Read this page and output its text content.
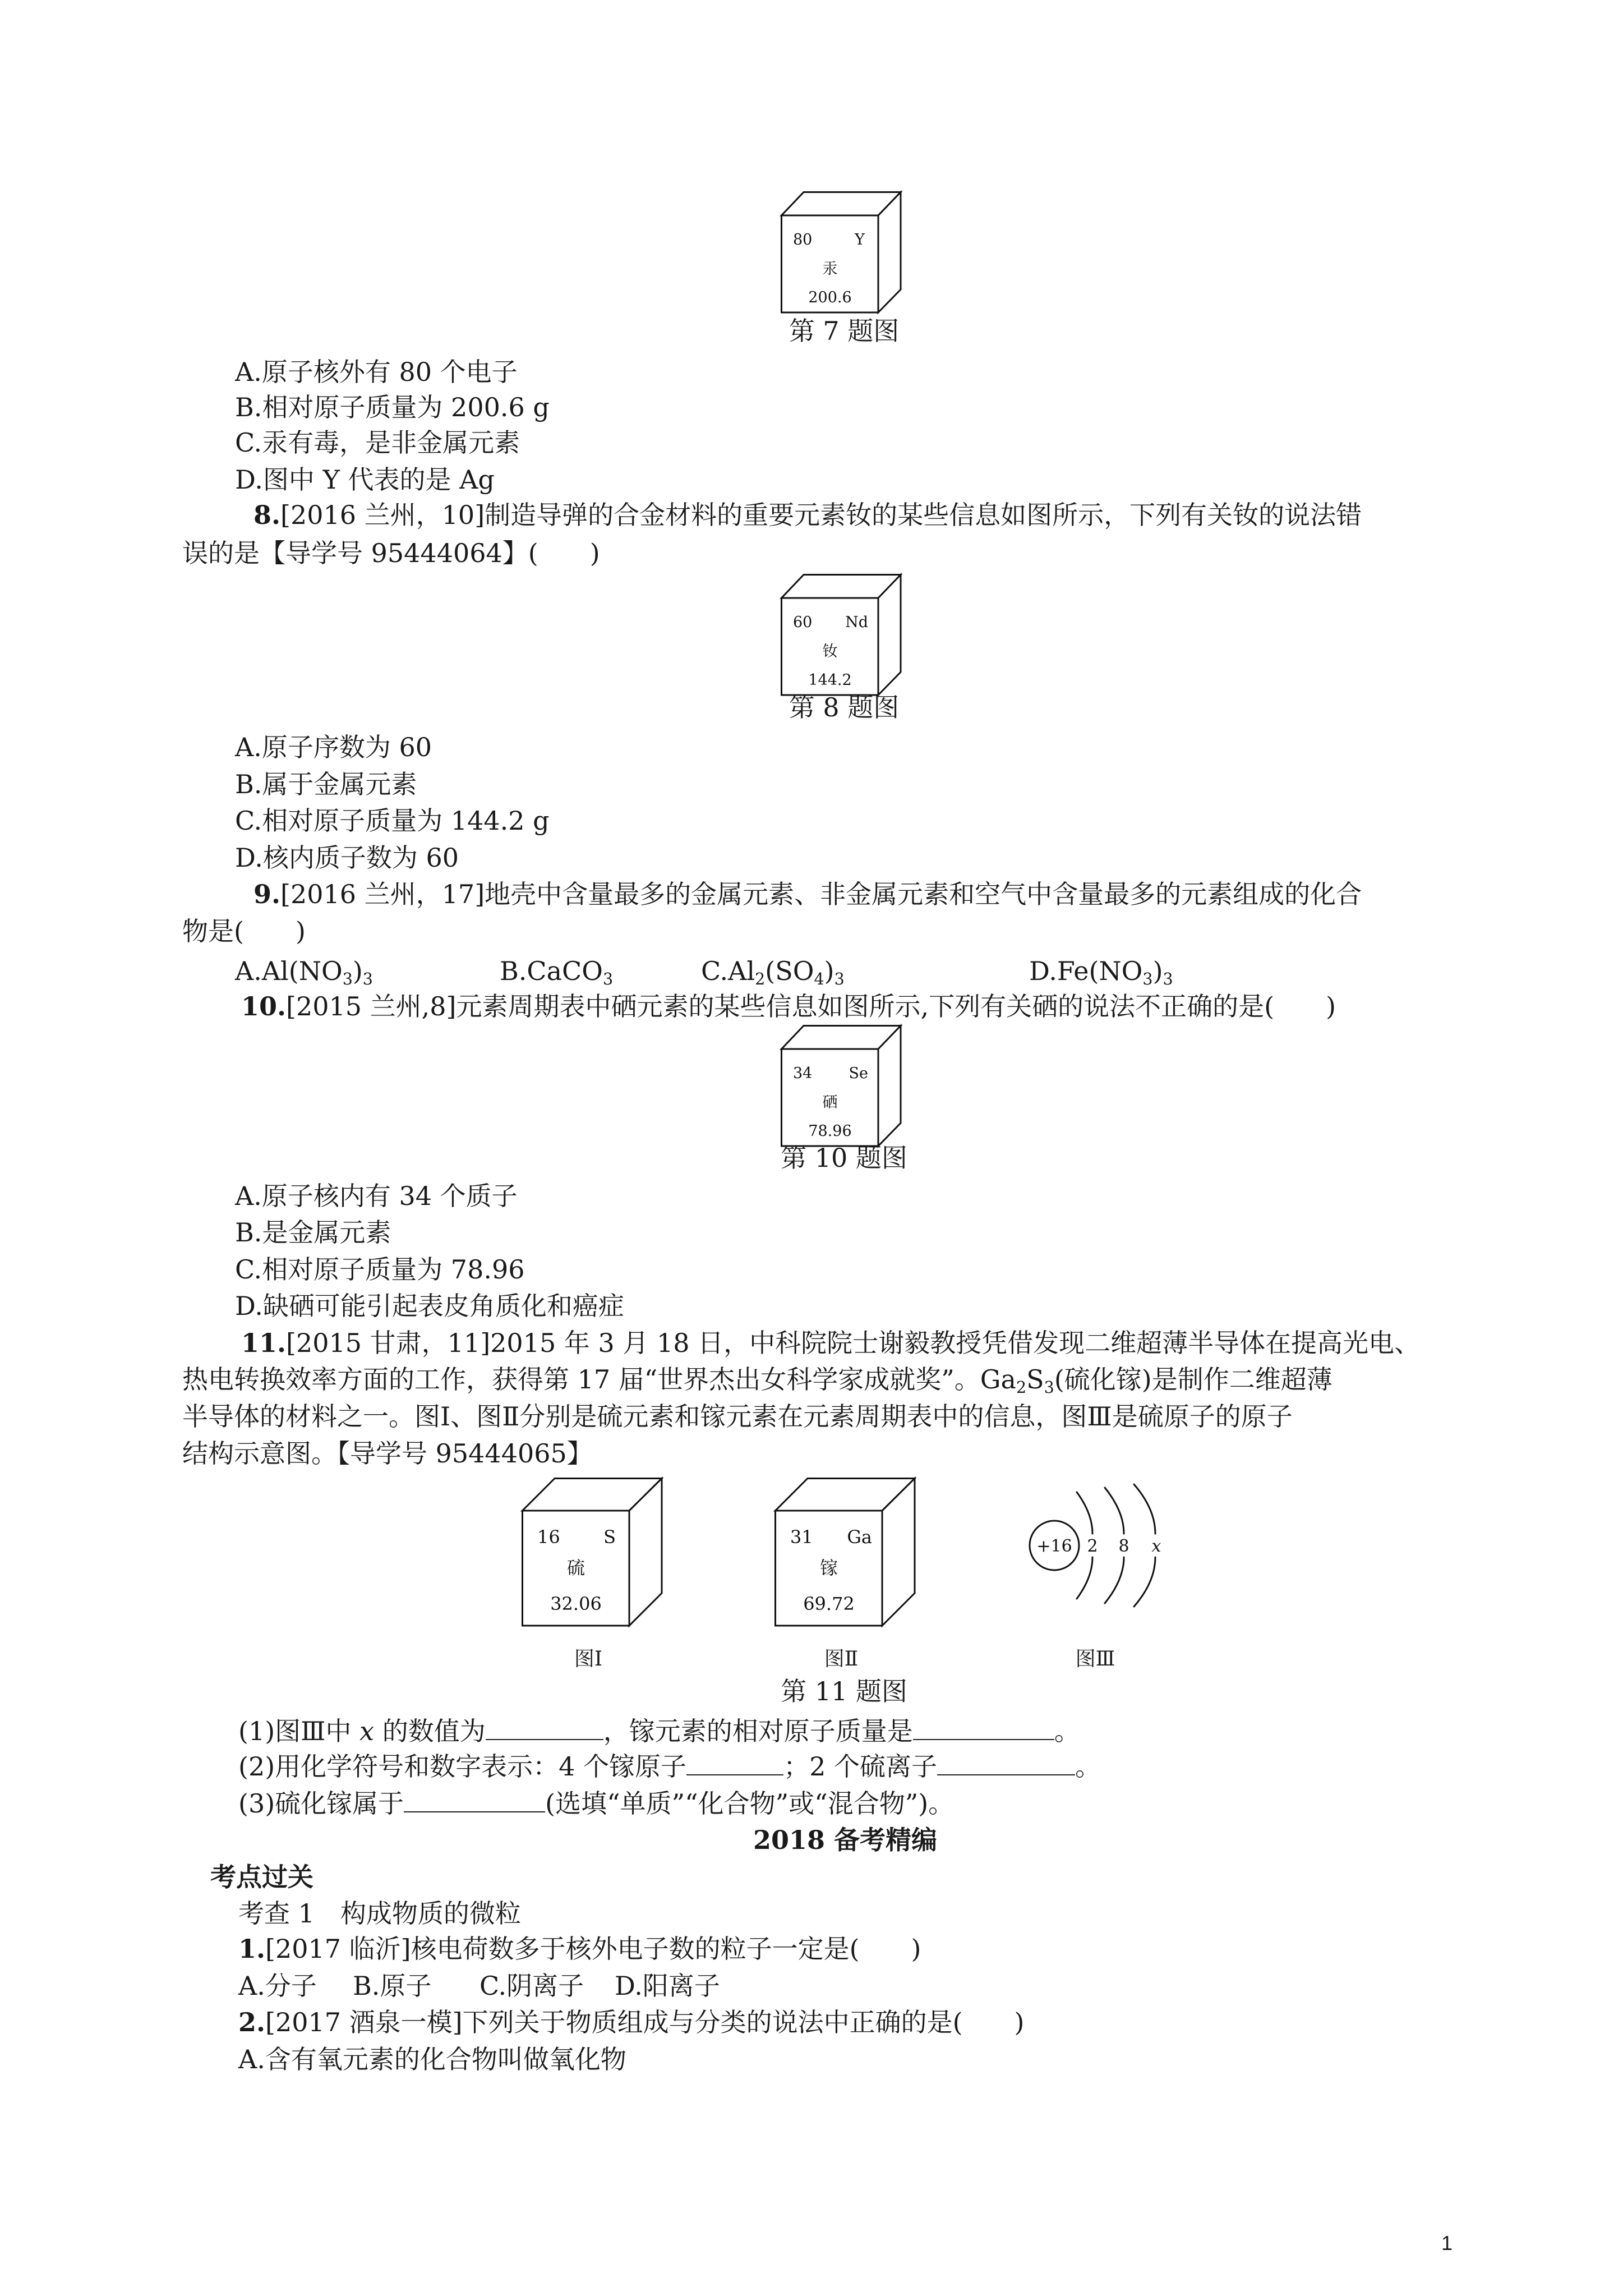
80	Y
汞
200.6
第 7 题图
A.原子核外有 80 个电子
B.相对原子质量为 200.6 g
C.汞有毒，是非金属元素
D.图中 Y 代表的是 Ag
8.[2016 兰州，10]制造导弹的合金材料的重要元素钕的某些信息如图所示，下列有关钕的说法错
误的是【导学号 95444064】(　　)
60 Nd
钕
144.2
第 8 题图
A.原子序数为 60
B.属于金属元素
C.相对原子质量为 144.2 g
D.核内质子数为 60
9.[2016 兰州，17]地壳中含量最多的金属元素、非金属元素和空气中含量最多的元素组成的化合
物是(　　)
$A.Al(NO_3)_3$	B.CaCO$_3$	$C.Al_2(SO_4)_3$	$D.Fe(NO_3)_3$
10.[2015 兰州,8]元素周期表中硒元素的某些信息如图所示,下列有关硒的说法不正确的是(　　)
34 Se
硒
78.96
第 10 题图
A.原子核内有 34 个质子
B.是金属元素
C.相对原子质量为 78.96
D.缺硒可能引起表皮角质化和癌症
11.[2015 甘肃，11]2015 年 3 月 18 日，中科院院士谢毅教授凭借发现二维超薄半导体在提高光电、
热电转换效率方面的工作，获得第 17 届“世界杰出女科学家成就奖”。$Ga_2S_3$(硫化镓)是制作二维超薄
半导体的材料之一。图Ⅰ、图Ⅱ分别是硫元素和镓元素在元素周期表中的信息，图Ⅲ是硫原子的原子
结构示意图。【导学号 95444065】
16 S
硫
32.06
31 Ga
镓
69.72
+16 2 8 x
图Ⅰ	图Ⅱ	图Ⅲ
第 11 题图
(1)图Ⅲ中 x 的数值为	，镓元素的相对原子质量是	。
(2)用化学符号和数字表示：4 个镓原子	；2 个硫离子	。
(3)硫化镓属于	(选填“单质”“化合物”或“混合物”)。
2018 备考精编
考点过关
考查 1　构成物质的微粒
1.[2017 临沂]核电荷数多于核外电子数的粒子一定是(　　)
A.分子 B.原子 C.阴离子 D.阳离子
2.[2017 酒泉一模]下列关于物质组成与分类的说法中正确的是(　　)
A.含有氧元素的化合物叫做氧化物
1
